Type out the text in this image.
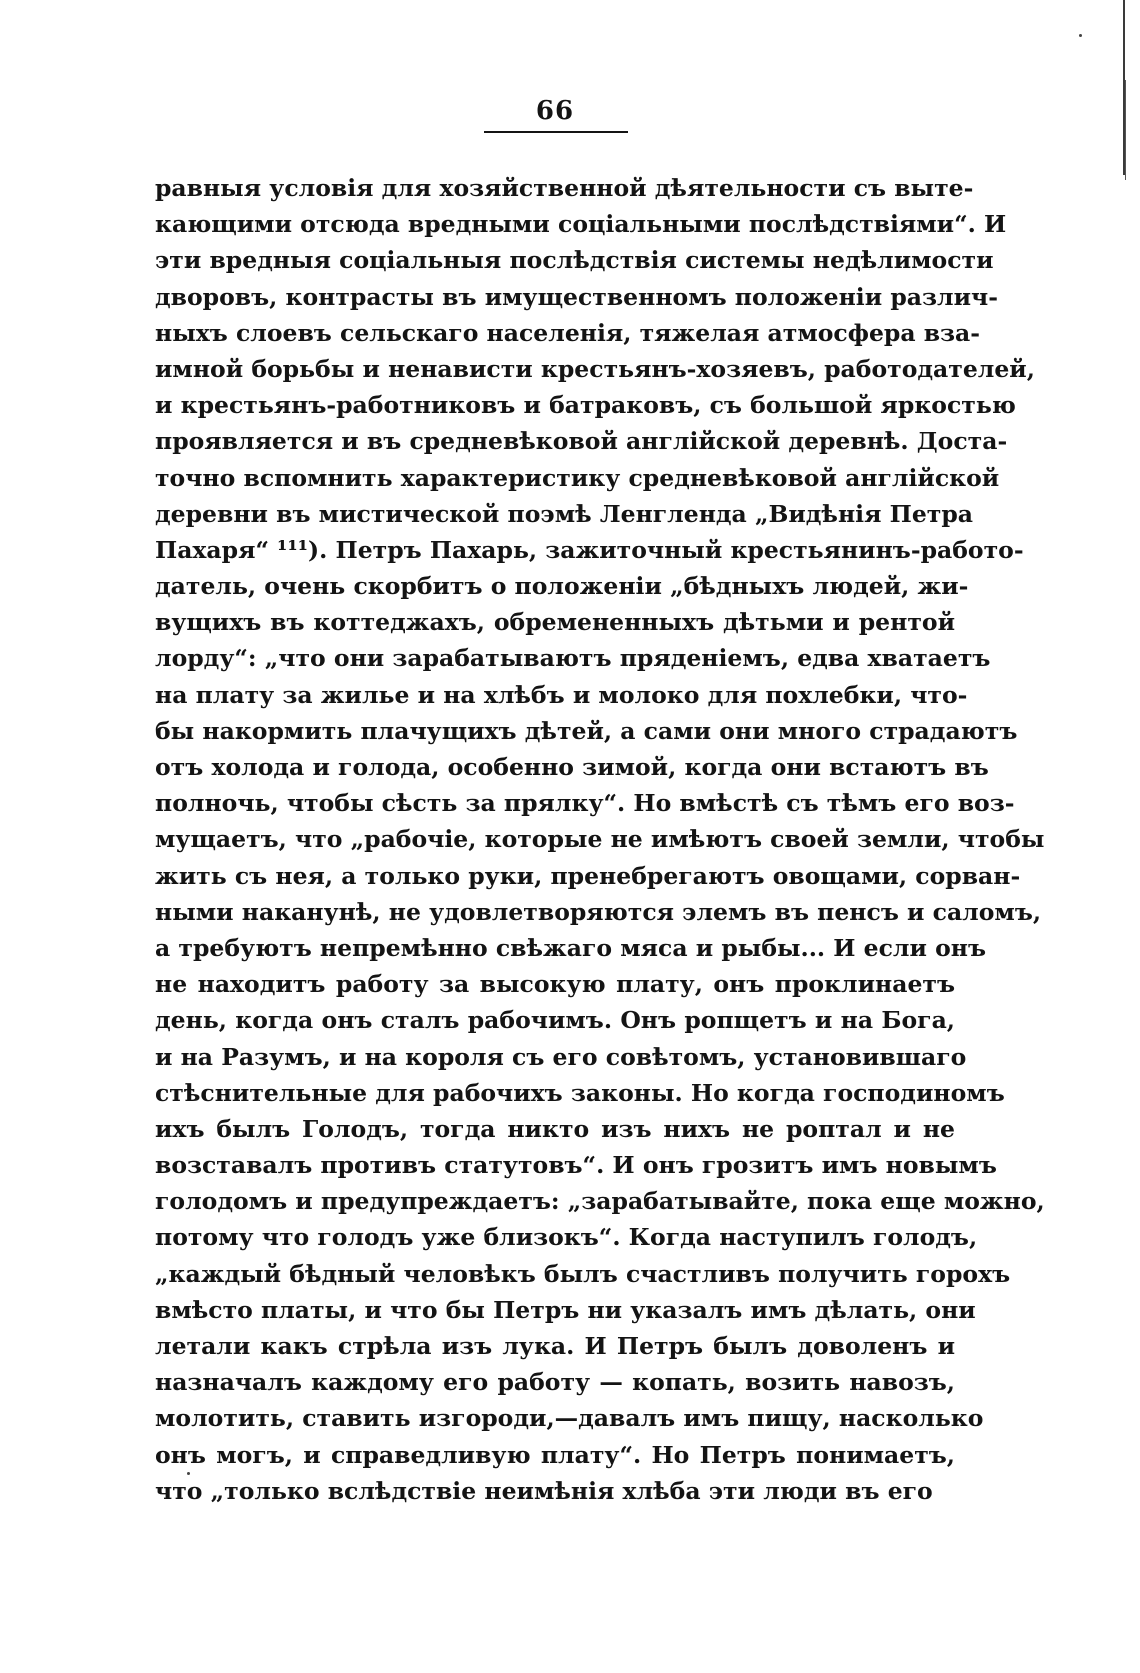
66
равныя условія для хозяйственной дѣятельности съ выте-
кающими отсюда вредными соціальными послѣдствіями“. И
эти вредныя соціальныя послѣдствія системы недѣлимости
дворовъ, контрасты въ имущественномъ положеніи различ-
ныхъ слоевъ сельскаго населенія, тяжелая атмосфера вза-
имной борьбы и ненависти крестьянъ-хозяевъ, работодателей,
и крестьянъ-работниковъ и батраковъ, съ большой яркостью
проявляется и въ средневѣковой англійской деревнѣ. Доста-
точно вспомнить характеристику средневѣковой англійской
деревни въ мистической поэмѣ Ленгленда „Видѣнія Петра
Пахаря“ ¹¹¹). Петръ Пахарь, зажиточный крестьянинъ-работо-
датель, очень скорбитъ о положеніи „бѣдныхъ людей, жи-
вущихъ въ коттеджахъ, обремененныхъ дѣтьми и рентой
лорду“: „что они зарабатываютъ пряденіемъ, едва хватаетъ
на плату за жилье и на хлѣбъ и молоко для похлебки, что-
бы накормить плачущихъ дѣтей, а сами они много страдаютъ
отъ холода и голода, особенно зимой, когда они встаютъ въ
полночь, чтобы сѣсть за прялку“. Но вмѣстѣ съ тѣмъ его воз-
мущаетъ, что „рабочіе, которые не имѣютъ своей земли, чтобы
жить съ нея, а только руки, пренебрегаютъ овощами, сорван-
ными наканунѣ, не удовлетворяются элемъ въ пенсъ и саломъ,
а требуютъ непремѣнно свѣжаго мяса и рыбы... И если онъ
не находитъ работу за высокую плату, онъ проклинаетъ
день, когда онъ сталъ рабочимъ. Онъ ропщетъ и на Бога,
и на Разумъ, и на короля съ его совѣтомъ, установившаго
стѣснительные для рабочихъ законы. Но когда господиномъ
ихъ былъ Голодъ, тогда никто изъ нихъ не роптал и не
возставалъ противъ статутовъ“. И онъ грозитъ имъ новымъ
голодомъ и предупреждаетъ: „зарабатывайте, пока еще можно,
потому что голодъ уже близокъ“. Когда наступилъ голодъ,
„каждый бѣдный человѣкъ былъ счастливъ получить горохъ
вмѣсто платы, и что бы Петръ ни указалъ имъ дѣлать, они
летали какъ стрѣла изъ лука. И Петръ былъ доволенъ и
назначалъ каждому его работу — копать, возить навозъ,
молотить, ставить изгороди,—давалъ имъ пищу, насколько
онъ могъ, и справедливую плату“. Но Петръ понимаетъ,
что „только вслѣдствіе неимѣнія хлѣба эти люди въ его
